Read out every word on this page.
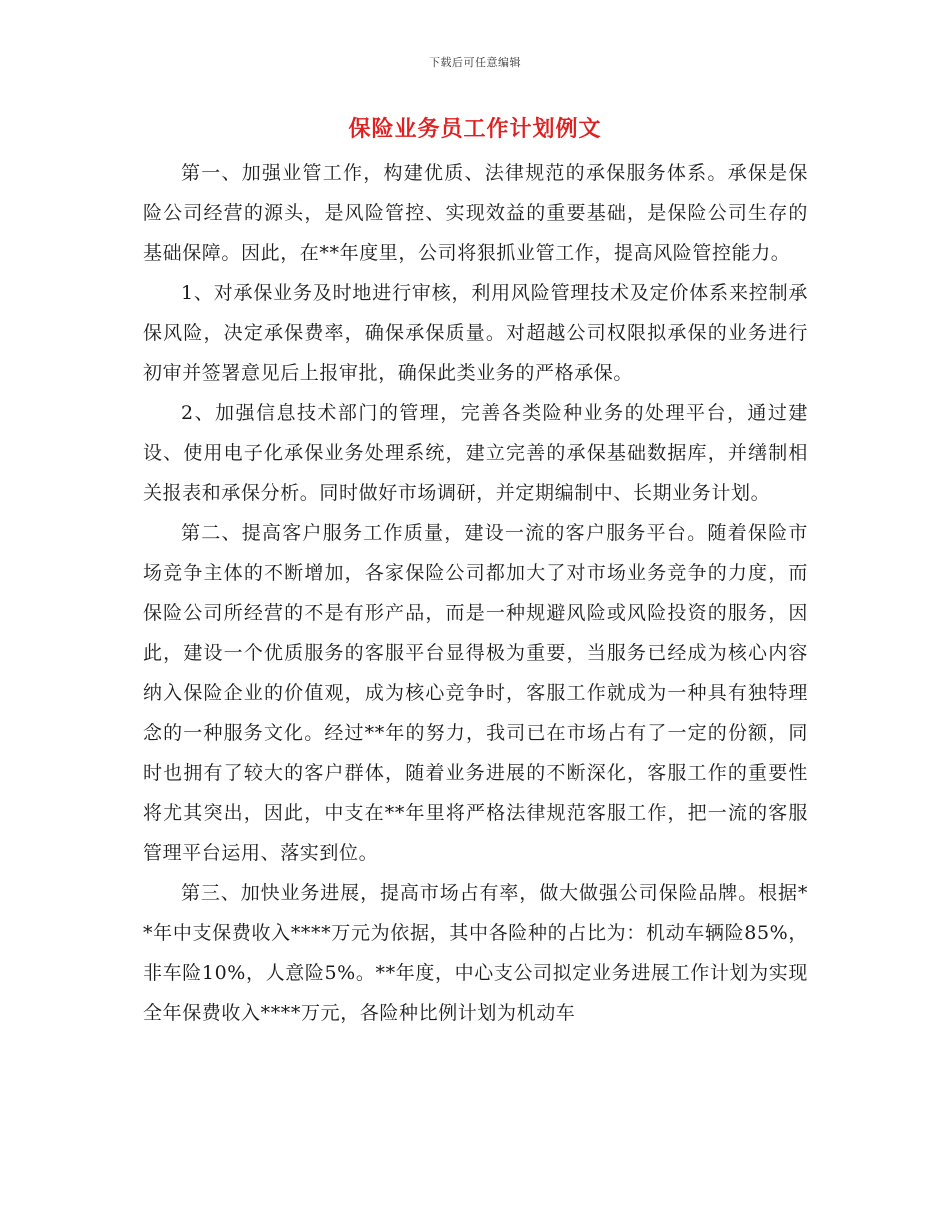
下载后可任意编辑
保险业务员工作计划例文

第一、加强业管工作，构建优质、法律规范的承保服务体系。承保是保险公司经营的源头，是风险管控、实现效益的重要基础，是保险公司生存的基础保障。因此，在**年度里，公司将狠抓业管工作，提高风险管控能力。

1、对承保业务及时地进行审核，利用风险管理技术及定价体系来控制承保风险，决定承保费率，确保承保质量。对超越公司权限拟承保的业务进行初审并签署意见后上报审批，确保此类业务的严格承保。

2、加强信息技术部门的管理，完善各类险种业务的处理平台，通过建设、使用电子化承保业务处理系统，建立完善的承保基础数据库，并缮制相关报表和承保分析。同时做好市场调研，并定期编制中、长期业务计划。

第二、提高客户服务工作质量，建设一流的客户服务平台。随着保险市场竞争主体的不断增加，各家保险公司都加大了对市场业务竞争的力度，而保险公司所经营的不是有形产品，而是一种规避风险或风险投资的服务，因此，建设一个优质服务的客服平台显得极为重要，当服务已经成为核心内容纳入保险企业的价值观，成为核心竞争时，客服工作就成为一种具有独特理念的一种服务文化。经过**年的努力，我司已在市场占有了一定的份额，同时也拥有了较大的客户群体，随着业务进展的不断深化，客服工作的重要性将尤其突出，因此，中支在**年里将严格法律规范客服工作，把一流的客服管理平台运用、落实到位。

第三、加快业务进展，提高市场占有率，做大做强公司保险品牌。根据**年中支保费收入****万元为依据，其中各险种的占比为：机动车辆险85%，非车险10%，人意险5%。**年度，中心支公司拟定业务进展工作计划为实现全年保费收入****万元，各险种比例计划为机动车
